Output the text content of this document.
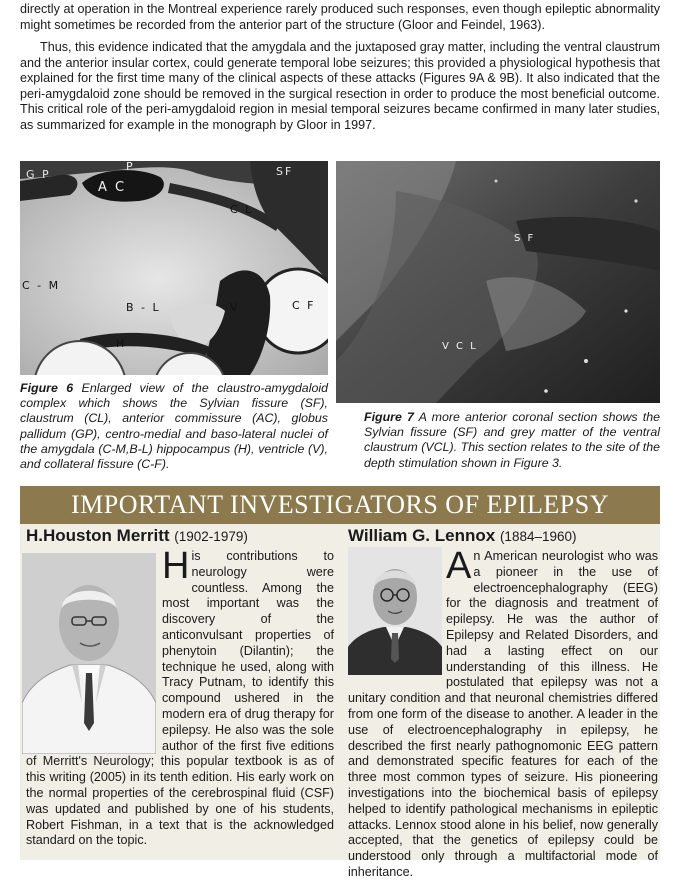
directly at operation in the Montreal experience rarely produced such responses, even though epileptic abnormality might sometimes be recorded from the anterior part of the structure (Gloor and Feindel, 1963).

Thus, this evidence indicated that the amygdala and the juxtaposed gray matter, including the ventral claustrum and the anterior insular cortex, could generate temporal lobe seizures; this provided a physiological hypothesis that explained for the first time many of the clinical aspects of these attacks (Figures 9A & 9B). It also indicated that the peri-amygdaloid zone should be removed in the surgical resection in order to produce the most beneficial outcome. This critical role of the peri-amygdaloid region in mesial temporal seizures became confirmed in many later studies, as summarized for example in the monograph by Gloor in 1997.

G P
P
A C
SF
C L
C - M
B - L	V	C F
H
S F
V C L

Figure 6 Enlarged view of the claustro-amygdaloid complex which shows the Sylvian fissure (SF), claustrum (CL), anterior commissure (AC), globus pallidum (GP), centro-medial and baso-lateral nuclei of the amygdala (C-M,B-L) hippocampus (H), ventricle (V), and collateral fissure (C-F).

Figure 7 A more anterior coronal section shows the Sylvian fissure (SF) and grey matter of the ventral claustrum (VCL). This section relates to the site of the depth stimulation shown in Figure 3.

IMPORTANT INVESTIGATORS OF EPILEPSY
H.Houston Merritt (1902-1979)	William G. Lennox (1884–1960)
H is contributions to neurology were countless. Among the most important was the discovery of the anticonvulsant properties of phenytoin (Dilantin); the technique he used, along with Tracy Putnam, to identify this compound ushered in the modern era of drug therapy for epilepsy. He also was the sole author of the first five editions of Merritt's Neurology; this popular textbook is as of this writing (2005) in its tenth edition. His early work on the normal properties of the cerebrospinal fluid (CSF) was updated and published by one of his students, Robert Fishman, in a text that is the acknowledged standard on the topic.
A n American neurologist who was a pioneer in the use of electroencephalography (EEG) for the diagnosis and treatment of epilepsy. He was the author of Epilepsy and Related Disorders, and had a lasting effect on our understanding of this illness. He postulated that epilepsy was not a unitary condition and that neuronal chemistries differed from one form of the disease to another. A leader in the use of electroencephalography in epilepsy, he described the first nearly pathognomonic EEG pattern and demonstrated specific features for each of the three most common types of seizure. His pioneering investigations into the biochemical basis of epilepsy helped to identify pathological mechanisms in epileptic attacks. Lennox stood alone in his belief, now generally accepted, that the genetics of epilepsy could be understood only through a multifactorial mode of inheritance.
